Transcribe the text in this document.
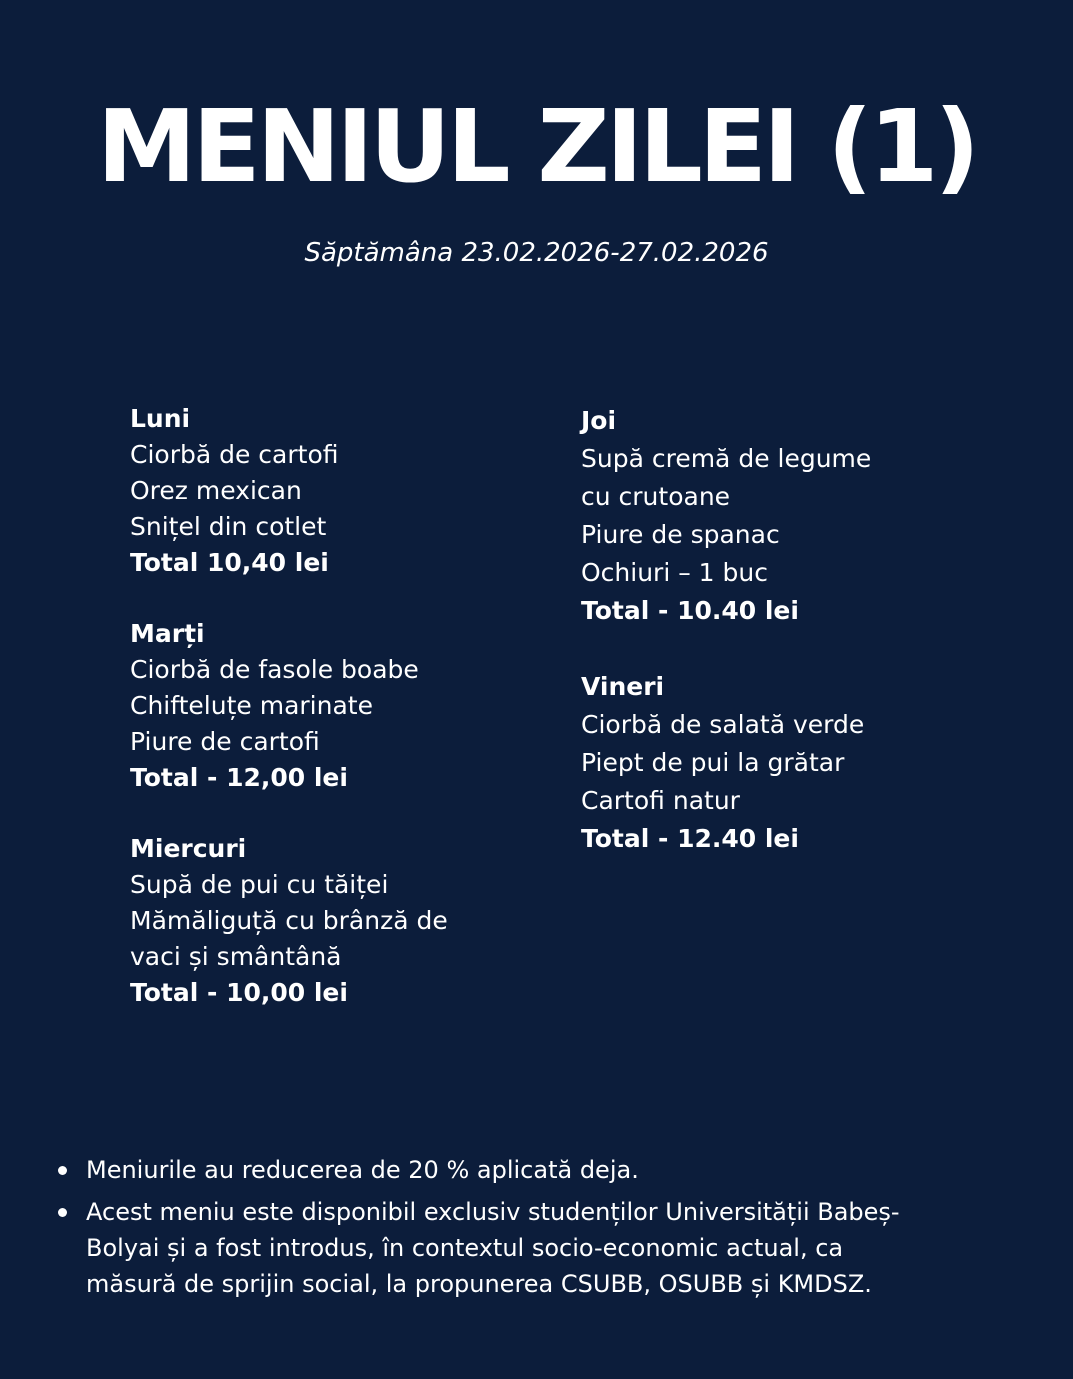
MENIUL ZILEI (1)
Săptămâna 23.02.2026-27.02.2026
Luni
Ciorbă de cartofi
Orez mexican
Snițel din cotlet
Total 10,40 lei
Marți
Ciorbă de fasole boabe
Chifteluțe marinate
Piure de cartofi
Total - 12,00 lei
Miercuri
Supă de pui cu tăiței
Mămăliguță cu brânză de
vaci și smântână
Total - 10,00 lei
Joi
Supă cremă de legume
cu crutoane
Piure de spanac
Ochiuri – 1 buc
Total - 10.40 lei
Vineri
Ciorbă de salată verde
Piept de pui la grătar
Cartofi natur
Total - 12.40 lei
Meniurile au reducerea de 20 % aplicată deja.
Acest meniu este disponibil exclusiv studenților Universității Babeș-
Bolyai și a fost introdus, în contextul socio-economic actual, ca
măsură de sprijin social, la propunerea CSUBB, OSUBB și KMDSZ.
